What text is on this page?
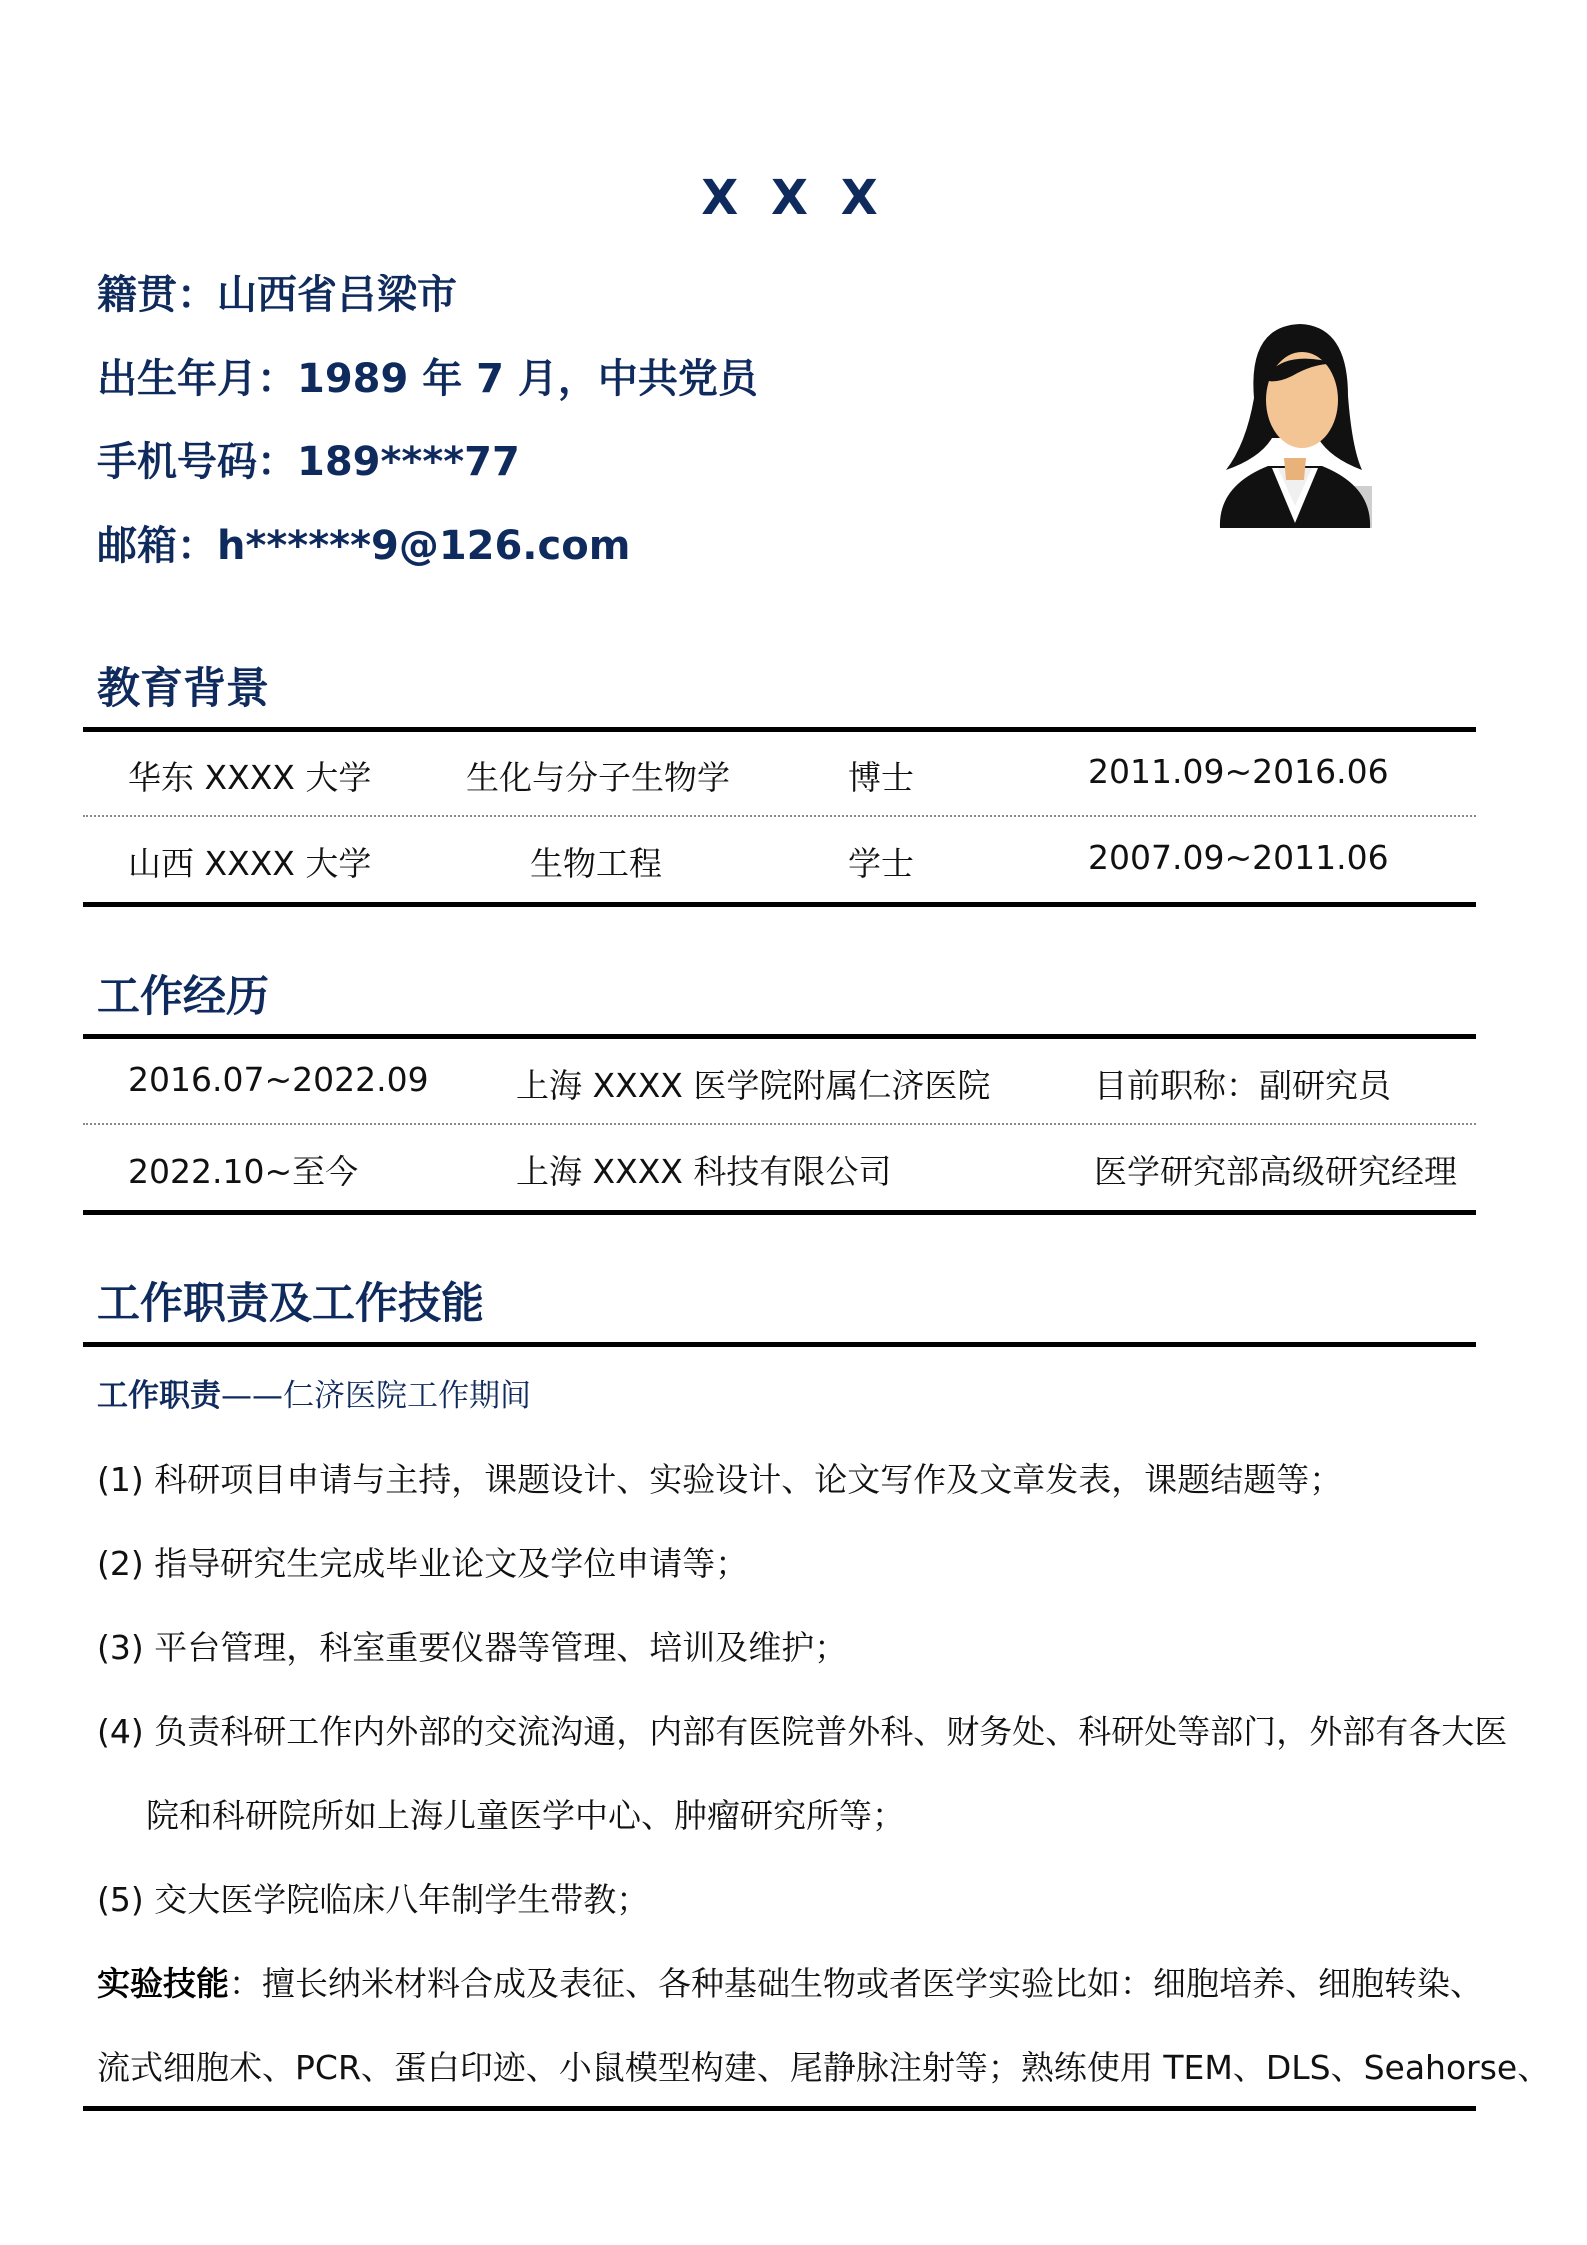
X X X
籍贯：山西省吕梁市
出生年月：1989 年 7 月，中共党员
手机号码：189****77
邮箱：h******9@126.com
教育背景
华东 XXXX 大学	生化与分子生物学	博士	2011.09~2016.06
山西 XXXX 大学	生物工程	学士	2007.09~2011.06
工作经历
2016.07~2022.09	上海 XXXX 医学院附属仁济医院	目前职称：副研究员
2022.10~至今	上海 XXXX 科技有限公司	医学研究部高级研究经理
工作职责及工作技能
工作职责——仁济医院工作期间
(1) 科研项目申请与主持，课题设计、实验设计、论文写作及文章发表，课题结题等；
(2) 指导研究生完成毕业论文及学位申请等；
(3) 平台管理，科室重要仪器等管理、培训及维护；
(4) 负责科研工作内外部的交流沟通，内部有医院普外科、财务处、科研处等部门，外部有各大医
院和科研院所如上海儿童医学中心、肿瘤研究所等；
(5) 交大医学院临床八年制学生带教；
实验技能：擅长纳米材料合成及表征、各种基础生物或者医学实验比如：细胞培养、细胞转染、
流式细胞术、PCR、蛋白印迹、小鼠模型构建、尾静脉注射等；熟练使用 TEM、DLS、Seahorse、
